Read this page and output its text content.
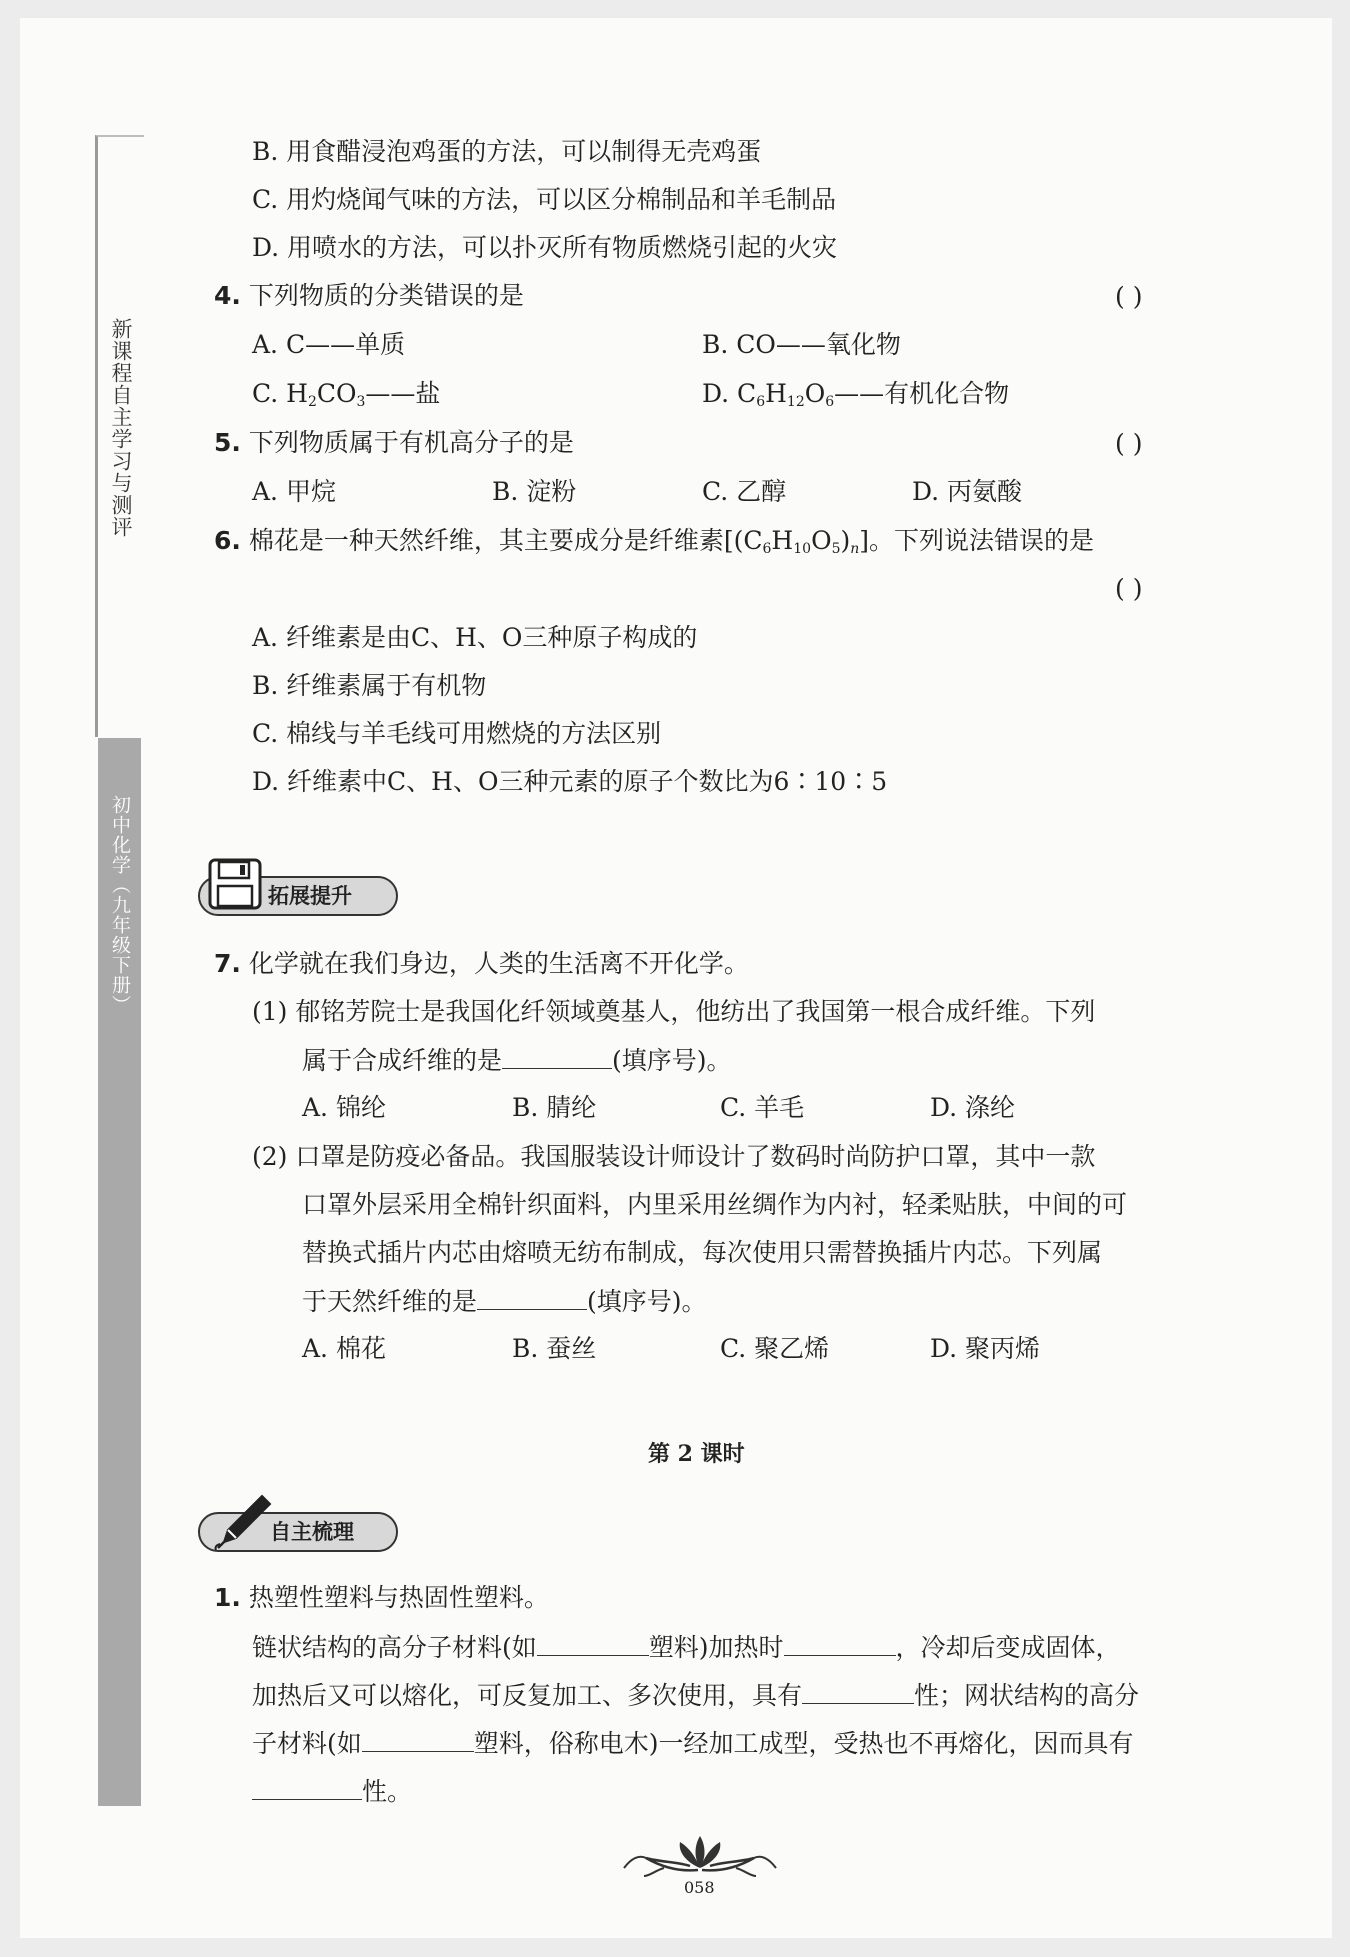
新课程自主学习与测评
初中化学（九年级下册）
B. 用食醋浸泡鸡蛋的方法，可以制得无壳鸡蛋
C. 用灼烧闻气味的方法，可以区分棉制品和羊毛制品
D. 用喷水的方法，可以扑灭所有物质燃烧引起的火灾
4. 下列物质的分类错误的是	( )
A. C——单质	B. CO——氧化物
C. $H_2CO_3——$盐	D. $C_6H_{12}O_6——$有机化合物
5. 下列物质属于有机高分子的是	( )
A. 甲烷	B. 淀粉	C. 乙醇	D. 丙氨酸
6. 棉花是一种天然纤维，其主要成分是纤维素$[(C_6H_{10}O_5)_n]$。下列说法错误的是
( )
A. 纤维素是由C、H、O三种原子构成的
B. 纤维素属于有机物
C. 棉线与羊毛线可用燃烧的方法区别
D. 纤维素中C、H、O三种元素的原子个数比为6∶10∶5
拓展提升
7. 化学就在我们身边，人类的生活离不开化学。
(1) 郁铭芳院士是我国化纤领域奠基人，他纺出了我国第一根合成纤维。下列
属于合成纤维的是	(填序号)。
A. 锦纶	B. 腈纶	C. 羊毛	D. 涤纶
(2) 口罩是防疫必备品。我国服装设计师设计了数码时尚防护口罩，其中一款
口罩外层采用全棉针织面料，内里采用丝绸作为内衬，轻柔贴肤，中间的可
替换式插片内芯由熔喷无纺布制成，每次使用只需替换插片内芯。下列属
于天然纤维的是	(填序号)。
A. 棉花	B. 蚕丝	C. 聚乙烯	D. 聚丙烯
第 2 课时
自主梳理
1. 热塑性塑料与热固性塑料。
链状结构的高分子材料(如	塑料)加热时	，冷却后变成固体，
加热后又可以熔化，可反复加工、多次使用，具有	性；网状结构的高分
子材料(如	塑料，俗称电木)一经加工成型，受热也不再熔化，因而具有
性。
058
